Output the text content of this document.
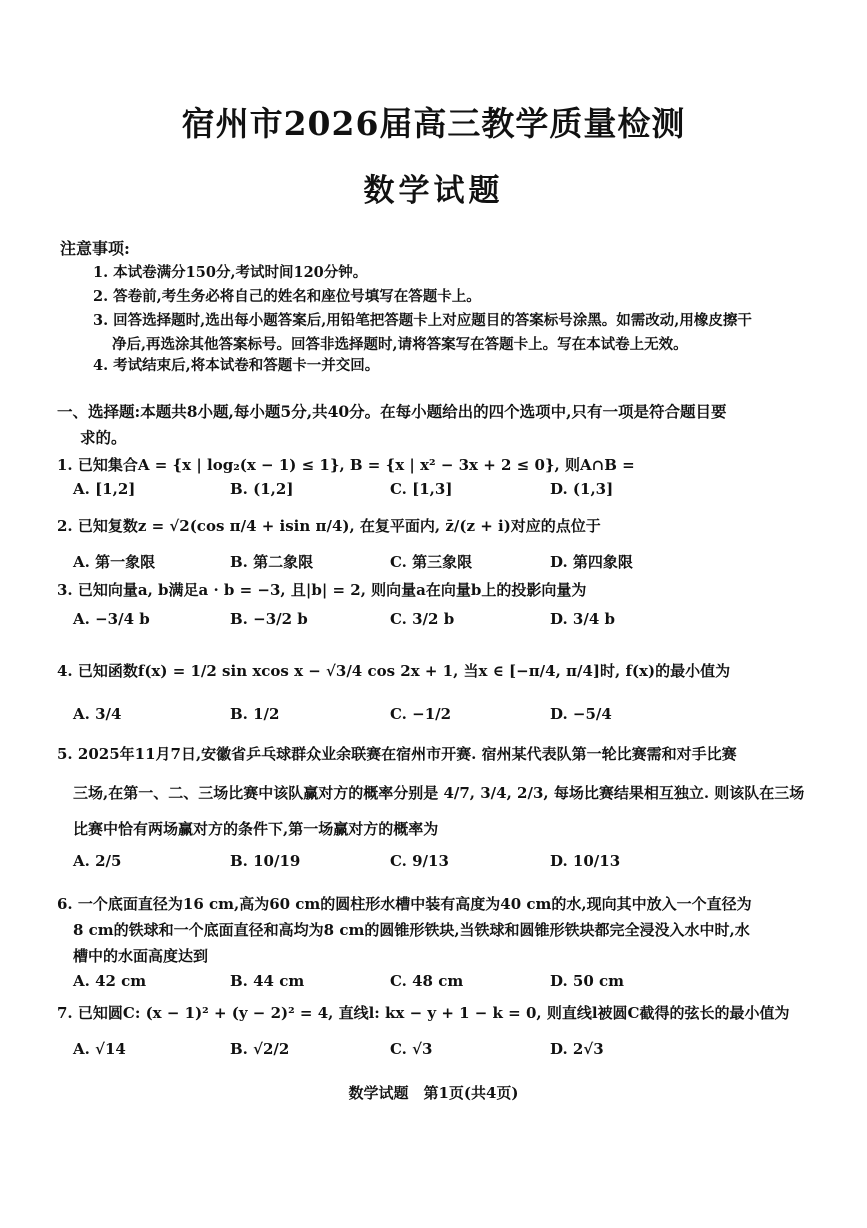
宿州市2026届高三教学质量检测
数学试题
注意事项:
1. 本试卷满分150分,考试时间120分钟。
2. 答卷前,考生务必将自己的姓名和座位号填写在答题卡上。
3. 回答选择题时,选出每小题答案后,用铅笔把答题卡上对应题目的答案标号涂黑。如需改动,用橡皮擦干
净后,再选涂其他答案标号。回答非选择题时,请将答案写在答题卡上。写在本试卷上无效。
4. 考试结束后,将本试卷和答题卡一并交回。
一、选择题:本题共8小题,每小题5分,共40分。在每小题给出的四个选项中,只有一项是符合题目要
求的。
1. 已知集合A = {x | log₂(x − 1) ≤ 1}, B = {x | x² − 3x + 2 ≤ 0}, 则A∩B =
A. [1,2]	B. (1,2]	C. [1,3]	D. (1,3]
2. 已知复数z = √2(cos π/4 + isin π/4), 在复平面内, z̄/(z + i)对应的点位于
A. 第一象限	B. 第二象限	C. 第三象限	D. 第四象限
3. 已知向量a, b满足a · b = −3, 且|b| = 2, 则向量a在向量b上的投影向量为
A. −3/4 b	B. −3/2 b	C. 3/2 b	D. 3/4 b
4. 已知函数f(x) = 1/2 sin xcos x − √3/4 cos 2x + 1, 当x ∈ [−π/4, π/4]时, f(x)的最小值为
A. 3/4	B. 1/2	C. −1/2	D. −5/4
5. 2025年11月7日,安徽省乒乓球群众业余联赛在宿州市开赛. 宿州某代表队第一轮比赛需和对手比赛
三场,在第一、二、三场比赛中该队赢对方的概率分别是 4/7, 3/4, 2/3, 每场比赛结果相互独立. 则该队在三场
比赛中恰有两场赢对方的条件下,第一场赢对方的概率为
A. 2/5	B. 10/19	C. 9/13	D. 10/13
6. 一个底面直径为16 cm,高为60 cm的圆柱形水槽中装有高度为40 cm的水,现向其中放入一个直径为
8 cm的铁球和一个底面直径和高均为8 cm的圆锥形铁块,当铁球和圆锥形铁块都完全浸没入水中时,水
槽中的水面高度达到
A. 42 cm	B. 44 cm	C. 48 cm	D. 50 cm
7. 已知圆C: (x − 1)² + (y − 2)² = 4, 直线l: kx − y + 1 − k = 0, 则直线l被圆C截得的弦长的最小值为
A. √14	B. √2/2	C. √3	D. 2√3
数学试题　第1页(共4页)
